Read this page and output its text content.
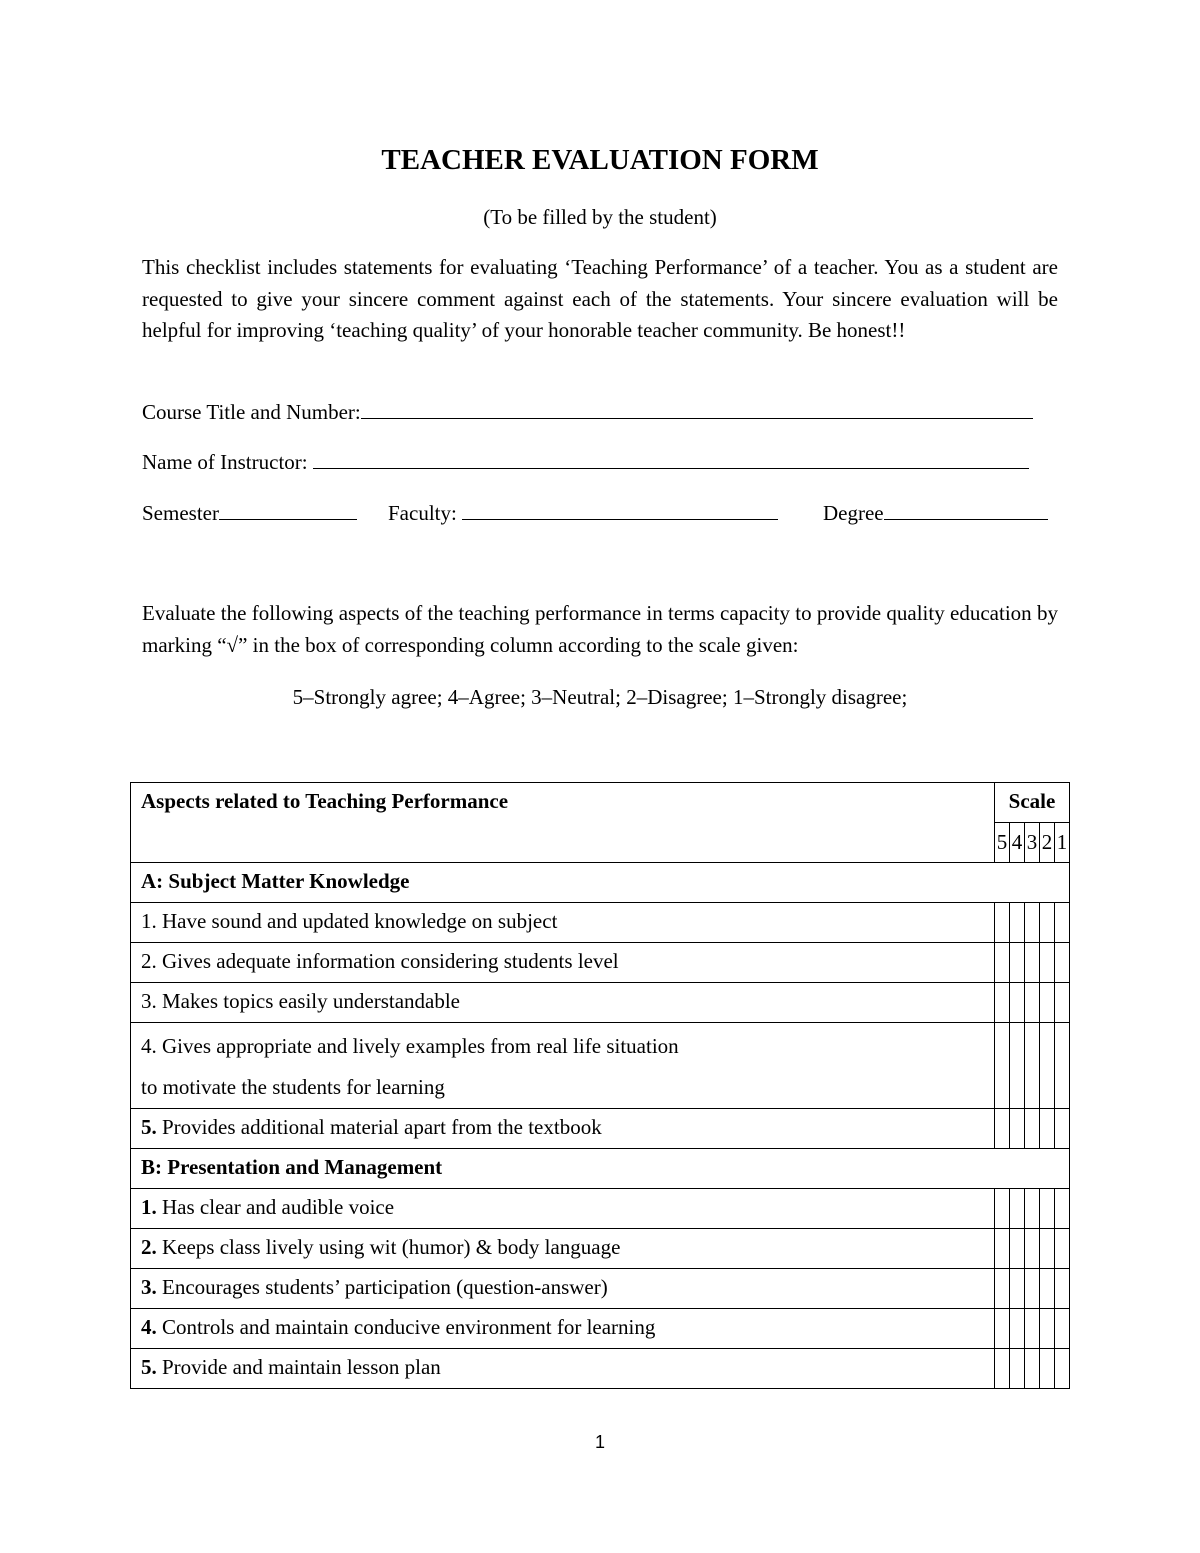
TEACHER EVALUATION FORM
(To be filled by the student)
This checklist includes statements for evaluating ‘Teaching Performance’ of a teacher. You as a student are requested to give your sincere comment against each of the statements. Your sincere evaluation will be helpful for improving ‘teaching quality’ of your honorable teacher community. Be honest!!
Course Title and Number:
Name of Instructor:
Semester	Faculty:	Degree
Evaluate the following aspects of the teaching performance in terms capacity to provide quality education by marking “√” in the box of corresponding column according to the scale given:
5–Strongly agree; 4–Agree; 3–Neutral; 2–Disagree; 1–Strongly disagree;
Aspects related to Teaching Performance	Scale				
	5	4	3	2	1
A: Subject Matter Knowledge					
1. Have sound and updated knowledge on subject					
2. Gives adequate information considering students level					
3. Makes topics easily understandable					
4. Gives appropriate and lively examples from real life situation to motivate the students for learning					
5. Provides additional material apart from the textbook					
B: Presentation and Management					
1. Has clear and audible voice					
2. Keeps class lively using wit (humor) & body language					
3. Encourages students’ participation (question-answer)					
4. Controls and maintain conducive environment for learning					
5. Provide and maintain lesson plan					
1
